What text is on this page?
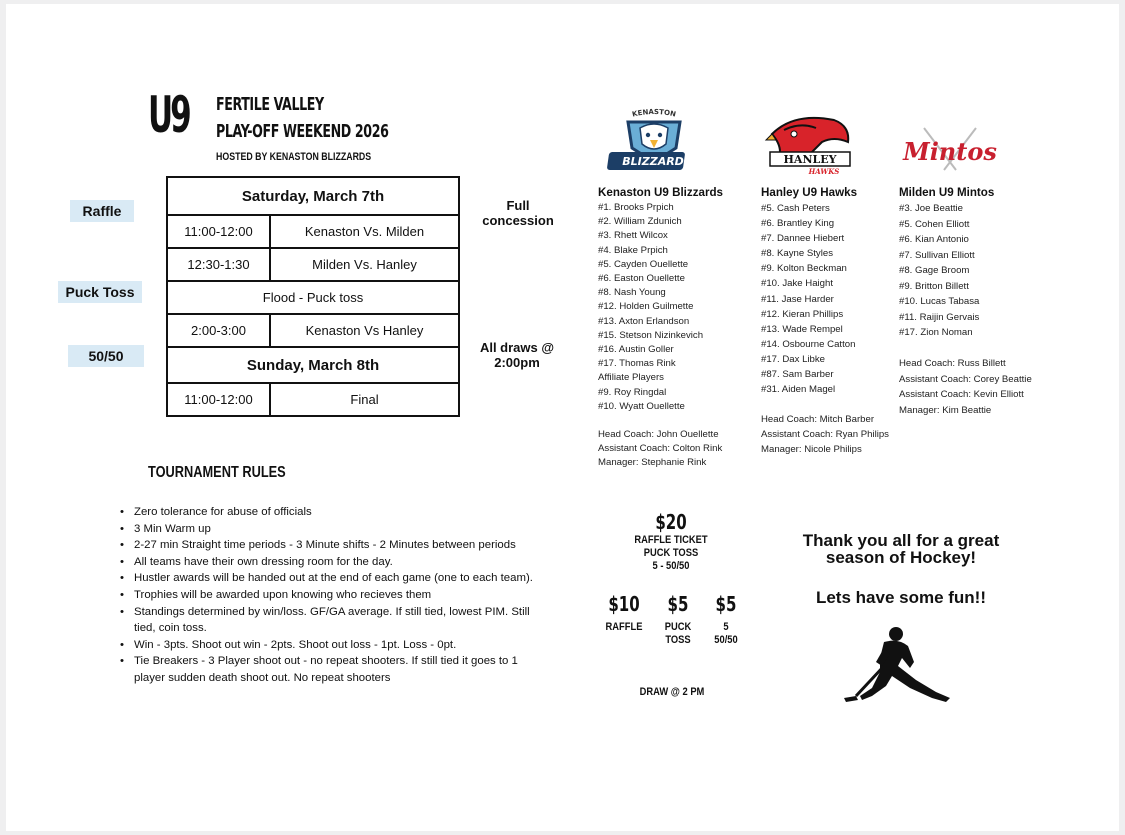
U9 FERTILE VALLEY
PLAY-OFF WEEKEND 2026
HOSTED BY KENASTON BLIZZARDS
Raffle
Puck Toss
50/50
Saturday, March 7th
11:00-12:00	Kenaston Vs. Milden
12:30-1:30	Milden Vs. Hanley
Flood - Puck toss
2:00-3:00	Kenaston Vs Hanley
Sunday, March 8th
11:00-12:00	Final
Full
concession
All draws @
2:00pm
TOURNAMENT RULES
• Zero tolerance for abuse of officials
• 3 Min Warm up
• 2-27 min Straight time periods - 3 Minute shifts - 2 Minutes between periods
• All teams have their own dressing room for the day.
• Hustler awards will be handed out at the end of each game (one to each team).
• Trophies will be awarded upon knowing who recieves them
• Standings determined by win/loss. GF/GA average. If still tied, lowest PIM. Still tied, coin toss.
• Win - 3pts. Shoot out win - 2pts. Shoot out loss - 1pt. Loss - 0pt.
• Tie Breakers - 3 Player shoot out - no repeat shooters. If still tied it goes to 1 player sudden death shoot out. No repeat shooters
KENASTON
BLIZZARDS	HANLEY
HAWKS
Mintos
Kenaston U9 Blizzards
#1. Brooks Prpich
#2. William Zdunich
#3. Rhett Wilcox
#4. Blake Prpich
#5. Cayden Ouellette
#6. Easton Ouellette
#8. Nash Young
#12. Holden Guilmette
#13. Axton Erlandson
#15. Stetson Nizinkevich
#16. Austin Goller
#17. Thomas Rink
Affiliate Players
#9. Roy Ringdal
#10. Wyatt Ouellette
Head Coach: John Ouellette
Assistant Coach: Colton Rink
Manager: Stephanie Rink
Hanley U9 Hawks
#5. Cash Peters
#6. Brantley King
#7. Dannee Hiebert
#8. Kayne Styles
#9. Kolton Beckman
#10. Jake Haight
#11. Jase Harder
#12. Kieran Phillips
#13. Wade Rempel
#14. Osbourne Catton
#17. Dax Libke
#87. Sam Barber
#31. Aiden Magel
Head Coach: Mitch Barber
Assistant Coach: Ryan Philips
Manager: Nicole Philips
Milden U9 Mintos
#3. Joe Beattie
#5. Cohen Elliott
#6. Kian Antonio
#7. Sullivan Elliott
#8. Gage Broom
#9. Britton Billett
#10. Lucas Tabasa
#11. Raijin Gervais
#17. Zion Noman
Head Coach: Russ Billett
Assistant Coach: Corey Beattie
Assistant Coach: Kevin Elliott
Manager: Kim Beattie
$20
RAFFLE TICKET
PUCK TOSS
5 - 50/50
$10
RAFFLE
$5
PUCK
TOSS
$5
5
50/50
DRAW @ 2 PM
Thank you all for a great
season of Hockey!
Lets have some fun!!
